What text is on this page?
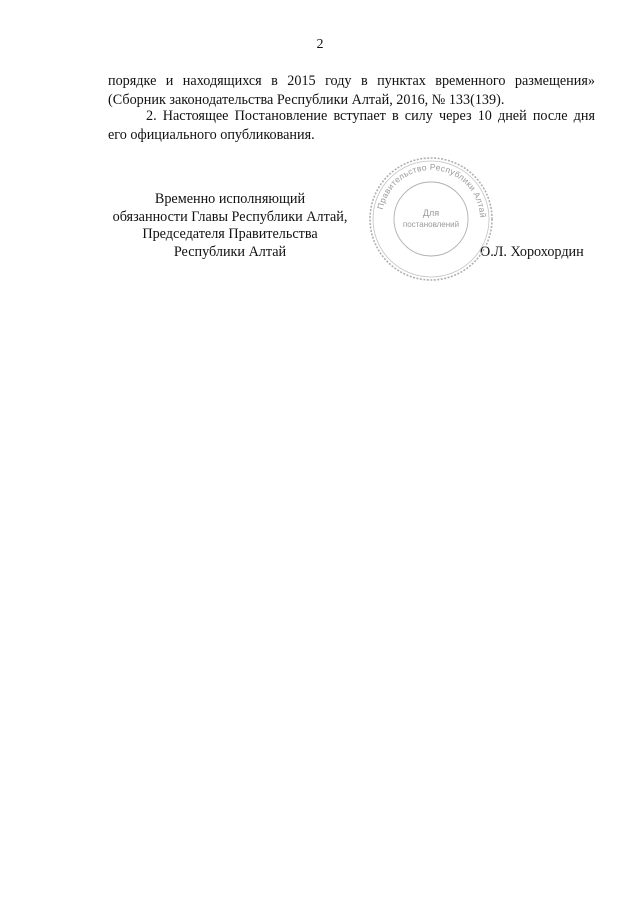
2
порядке и находящихся в 2015 году в пунктах временного размещения»
(Сборник законодательства Республики Алтай, 2016, № 133(139).
2. Настоящее Постановление вступает в силу через 10 дней после дня
его официального опубликования.
Временно исполняющий
обязанности Главы Республики Алтай,
Председателя Правительства
Республики Алтай	О.Л. Хорохордин
Правительство Республики Алтай
Для
постановлений
